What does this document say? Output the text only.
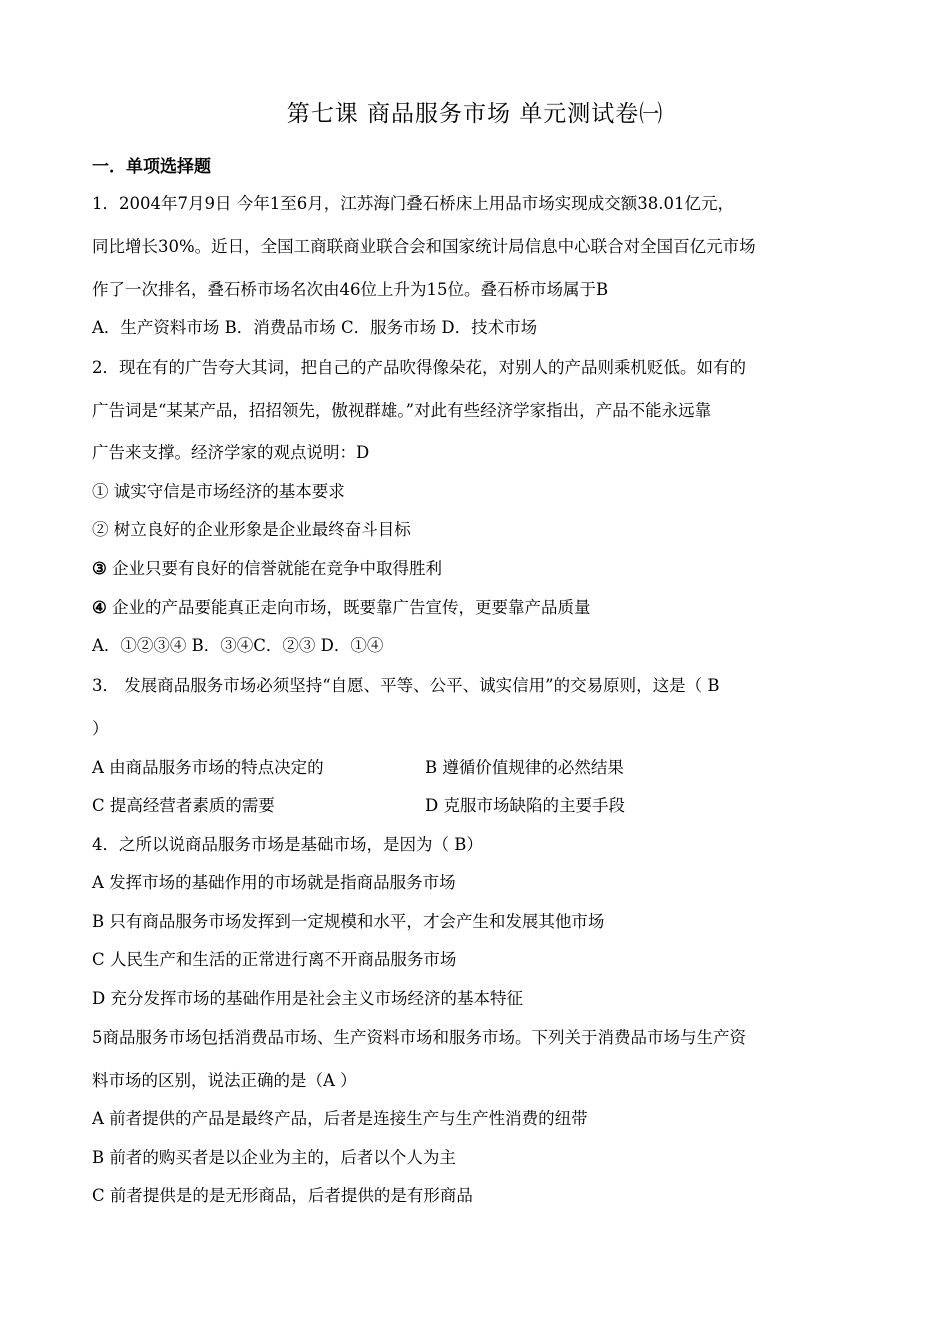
第七课 商品服务市场 单元测试卷㈠
一．单项选择题
1．2004年7月9日 今年1至6月，江苏海门叠石桥床上用品市场实现成交额38.01亿元，
同比增长30%。近日，全国工商联商业联合会和国家统计局信息中心联合对全国百亿元市场
作了一次排名，叠石桥市场名次由46位上升为15位。叠石桥市场属于B
A．生产资料市场 B．消费品市场 C．服务市场 D．技术市场
2．现在有的广告夸大其词，把自己的产品吹得像朵花，对别人的产品则乘机贬低。如有的
广告词是“某某产品，招招领先，傲视群雄。”对此有些经济学家指出，产品不能永远靠
广告来支撑。经济学家的观点说明：D
① 诚实守信是市场经济的基本要求
② 树立良好的企业形象是企业最终奋斗目标
③ 企业只要有良好的信誉就能在竞争中取得胜利
④ 企业的产品要能真正走向市场，既要靠广告宣传，更要靠产品质量
A．①②③④ B．③④C．②③ D．①④
3． 发展商品服务市场必须坚持“自愿、平等、公平、诚实信用”的交易原则，这是（ B
）
A 由商品服务市场的特点决定的	B 遵循价值规律的必然结果
C 提高经营者素质的需要	D 克服市场缺陷的主要手段
4．之所以说商品服务市场是基础市场，是因为（ B）
A 发挥市场的基础作用的市场就是指商品服务市场
B 只有商品服务市场发挥到一定规模和水平，才会产生和发展其他市场
C 人民生产和生活的正常进行离不开商品服务市场
D 充分发挥市场的基础作用是社会主义市场经济的基本特征
5商品服务市场包括消费品市场、生产资料市场和服务市场。下列关于消费品市场与生产资
料市场的区别，说法正确的是（A ）
A 前者提供的产品是最终产品，后者是连接生产与生产性消费的纽带
B 前者的购买者是以企业为主的，后者以个人为主
C 前者提供是的是无形商品，后者提供的是有形商品
